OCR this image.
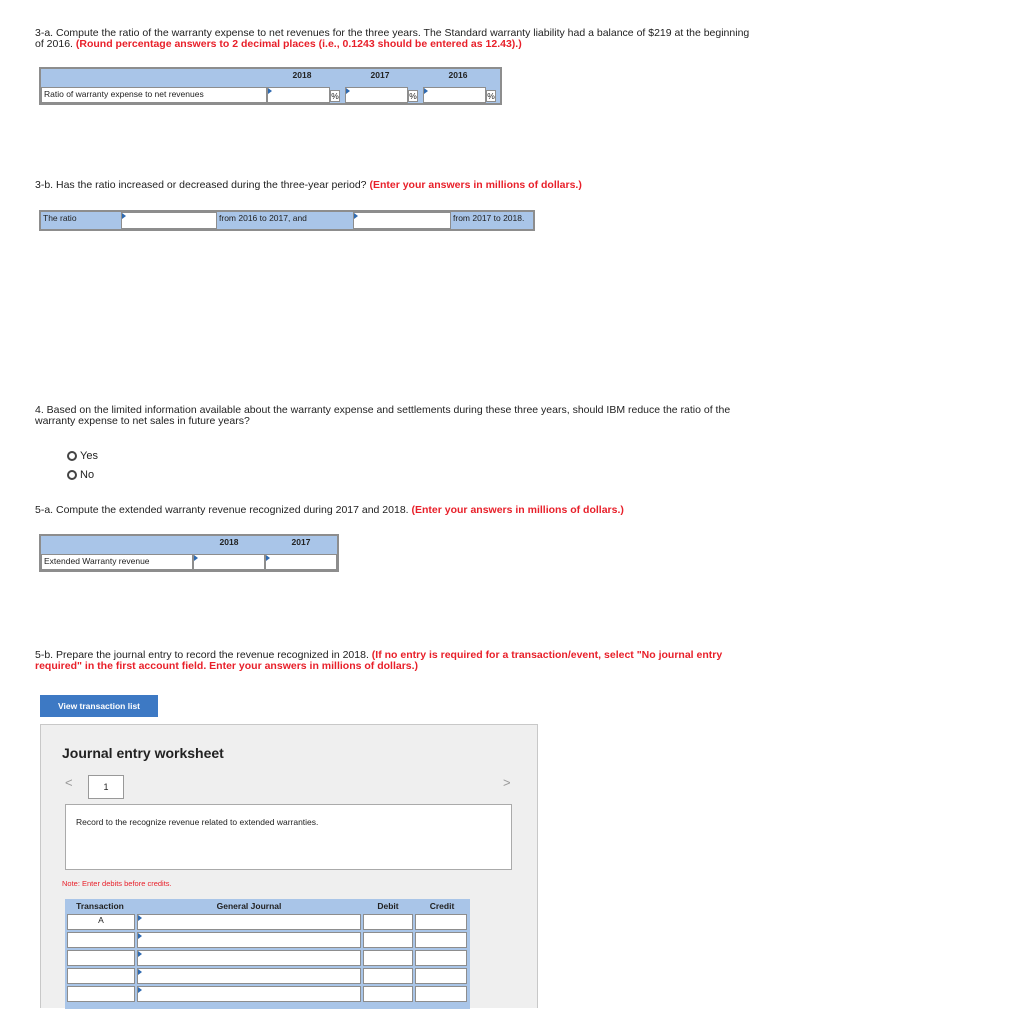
3-a. Compute the ratio of the warranty expense to net revenues for the three years. The Standard warranty liability had a balance of $219 at the beginning of 2016. (Round percentage answers to 2 decimal places (i.e., 0.1243 should be entered as 12.43).)
2018	2017	2016
Ratio of warranty expense to net revenues	%	%	%
3-b. Has the ratio increased or decreased during the three-year period? (Enter your answers in millions of dollars.)
The ratio	from 2016 to 2017, and	from 2017 to 2018.
4. Based on the limited information available about the warranty expense and settlements during these three years, should IBM reduce the ratio of the warranty expense to net sales in future years?
Yes
No
5-a. Compute the extended warranty revenue recognized during 2017 and 2018. (Enter your answers in millions of dollars.)
2018	2017
Extended Warranty revenue
5-b. Prepare the journal entry to record the revenue recognized in 2018. (If no entry is required for a transaction/event, select "No journal entry required" in the first account field. Enter your answers in millions of dollars.)
View transaction list
Journal entry worksheet
<	1	>
Record to the recognize revenue related to extended warranties.
Note: Enter debits before credits.
Transaction	General Journal	Debit	Credit
A
